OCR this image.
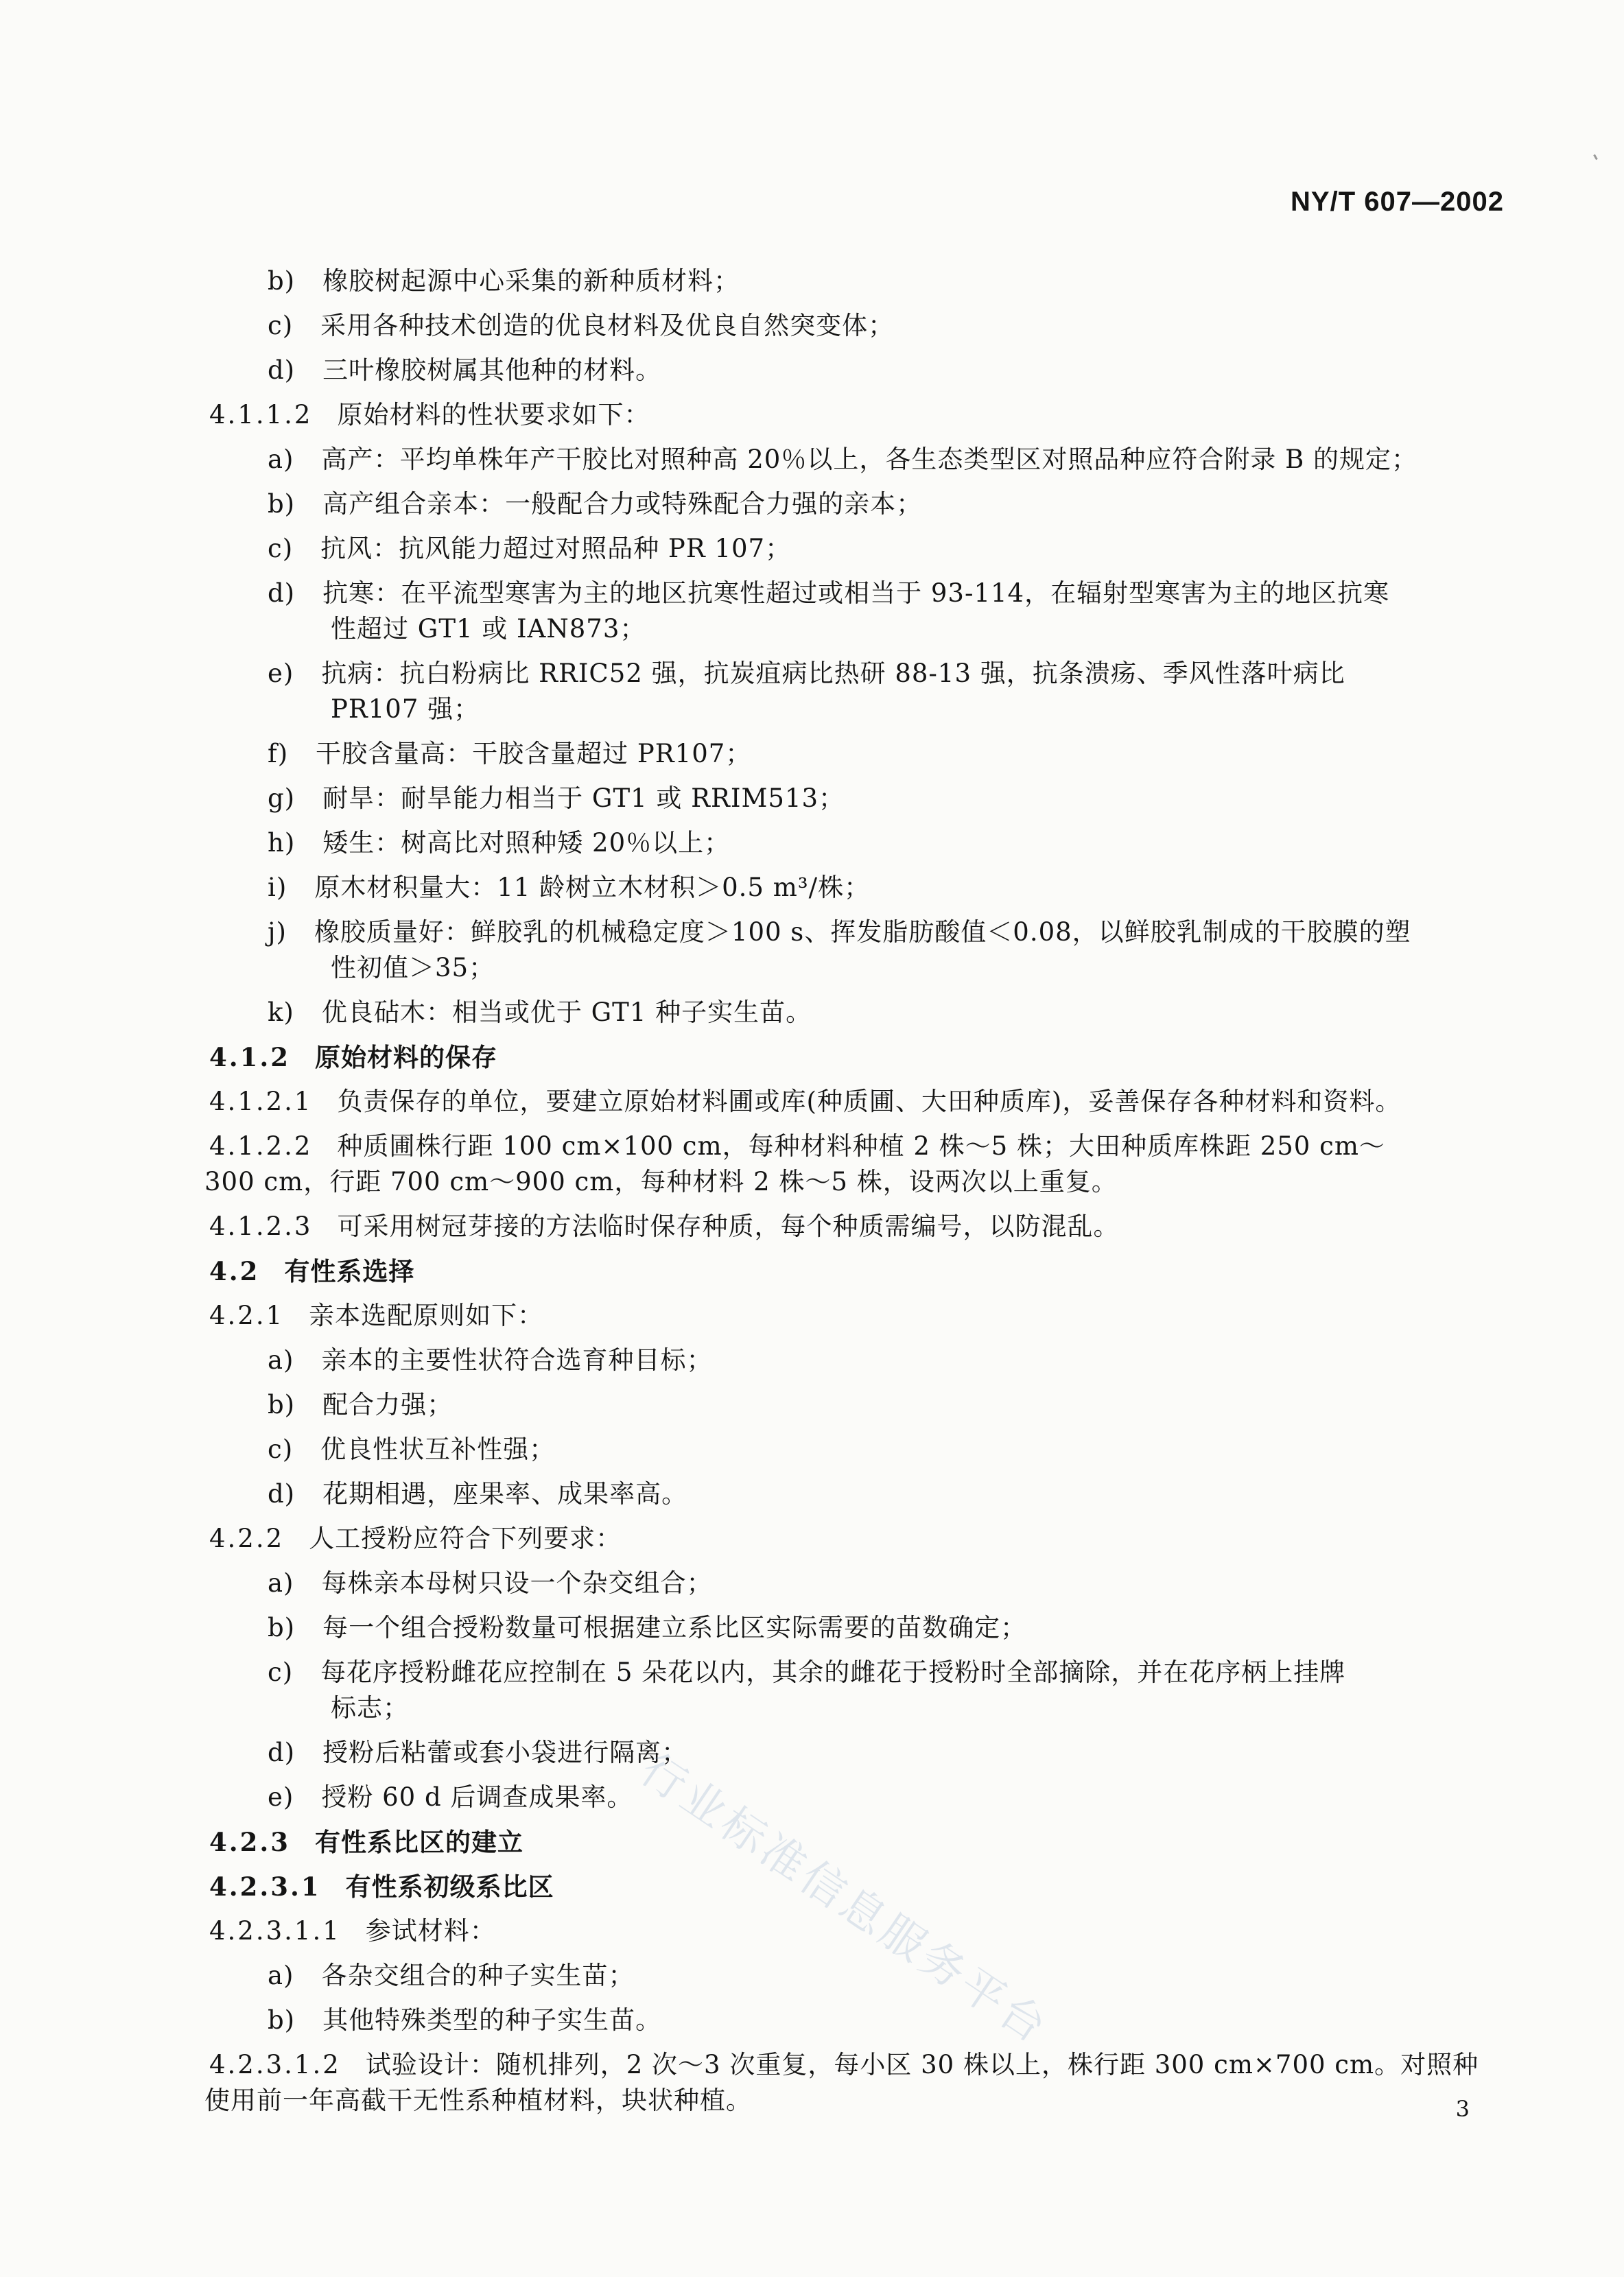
NY/T 607—2002
b) 橡胶树起源中心采集的新种质材料；
c) 采用各种技术创造的优良材料及优良自然突变体；
d) 三叶橡胶树属其他种的材料。
4.1.1.2 原始材料的性状要求如下：
a) 高产：平均单株年产干胶比对照种高 20％以上，各生态类型区对照品种应符合附录 B 的规定；
b) 高产组合亲本：一般配合力或特殊配合力强的亲本；
c) 抗风：抗风能力超过对照品种 PR 107；
d) 抗寒：在平流型寒害为主的地区抗寒性超过或相当于 93-114，在辐射型寒害为主的地区抗寒
性超过 GT1 或 IAN873；
e) 抗病：抗白粉病比 RRIC52 强，抗炭疽病比热研 88-13 强，抗条溃疡、季风性落叶病比
PR107 强；
f) 干胶含量高：干胶含量超过 PR107；
g) 耐旱：耐旱能力相当于 GT1 或 RRIM513；
h) 矮生：树高比对照种矮 20％以上；
i) 原木材积量大：11 龄树立木材积＞0.5 m³/株；
j) 橡胶质量好：鲜胶乳的机械稳定度＞100 s、挥发脂肪酸值＜0.08，以鲜胶乳制成的干胶膜的塑
性初值＞35；
k) 优良砧木：相当或优于 GT1 种子实生苗。
4.1.2 原始材料的保存
4.1.2.1 负责保存的单位，要建立原始材料圃或库(种质圃、大田种质库)，妥善保存各种材料和资料。
4.1.2.2 种质圃株行距 100 cm×100 cm，每种材料种植 2 株～5 株；大田种质库株距 250 cm～
300 cm，行距 700 cm～900 cm，每种材料 2 株～5 株，设两次以上重复。
4.1.2.3 可采用树冠芽接的方法临时保存种质，每个种质需编号，以防混乱。
4.2 有性系选择
4.2.1 亲本选配原则如下：
a) 亲本的主要性状符合选育种目标；
b) 配合力强；
c) 优良性状互补性强；
d) 花期相遇，座果率、成果率高。
4.2.2 人工授粉应符合下列要求：
a) 每株亲本母树只设一个杂交组合；
b) 每一个组合授粉数量可根据建立系比区实际需要的苗数确定；
c) 每花序授粉雌花应控制在 5 朵花以内，其余的雌花于授粉时全部摘除，并在花序柄上挂牌
标志；
d) 授粉后粘蕾或套小袋进行隔离；
e) 授粉 60 d 后调查成果率。
4.2.3 有性系比区的建立
4.2.3.1 有性系初级系比区
4.2.3.1.1 参试材料：
a) 各杂交组合的种子实生苗；
b) 其他特殊类型的种子实生苗。
4.2.3.1.2 试验设计：随机排列，2 次～3 次重复，每小区 30 株以上，株行距 300 cm×700 cm。对照种
使用前一年高截干无性系种植材料，块状种植。
行业标准信息服务平台
3
